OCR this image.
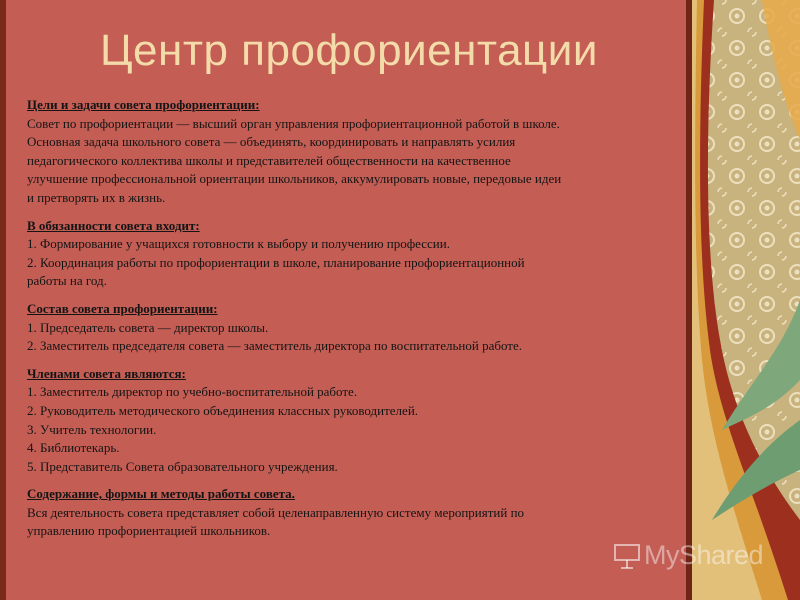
Центр профориентации
Цели и задачи совета профориентации:
Совет по профориентации — высший орган управления профориентационной работой в школе.
Основная задача школьного совета — объединять, координировать и направлять усилия
педагогического коллектива школы и представителей общественности на качественное
улучшение профессиональной ориентации школьников, аккумулировать новые, передовые идеи
и претворять их в жизнь.
В обязанности совета входит:
1. Формирование у учащихся готовности к выбору и получению профессии.
2. Координация работы по профориентации в школе, планирование профориентационной
работы на год.
Состав совета профориентации:
1. Председатель совета — директор школы.
2. Заместитель председателя совета — заместитель директора по воспитательной работе.
Членами совета являются:
1. Заместитель директор по учебно-воспитательной работе.
2. Руководитель методического объединения классных руководителей.
3. Учитель технологии.
4. Библиотекарь.
5. Представитель Совета образовательного учреждения.
Содержание, формы и методы работы совета.
Вся деятельность совета представляет собой целенаправленную систему мероприятий по
управлению профориентацией школьников.
MyShared
